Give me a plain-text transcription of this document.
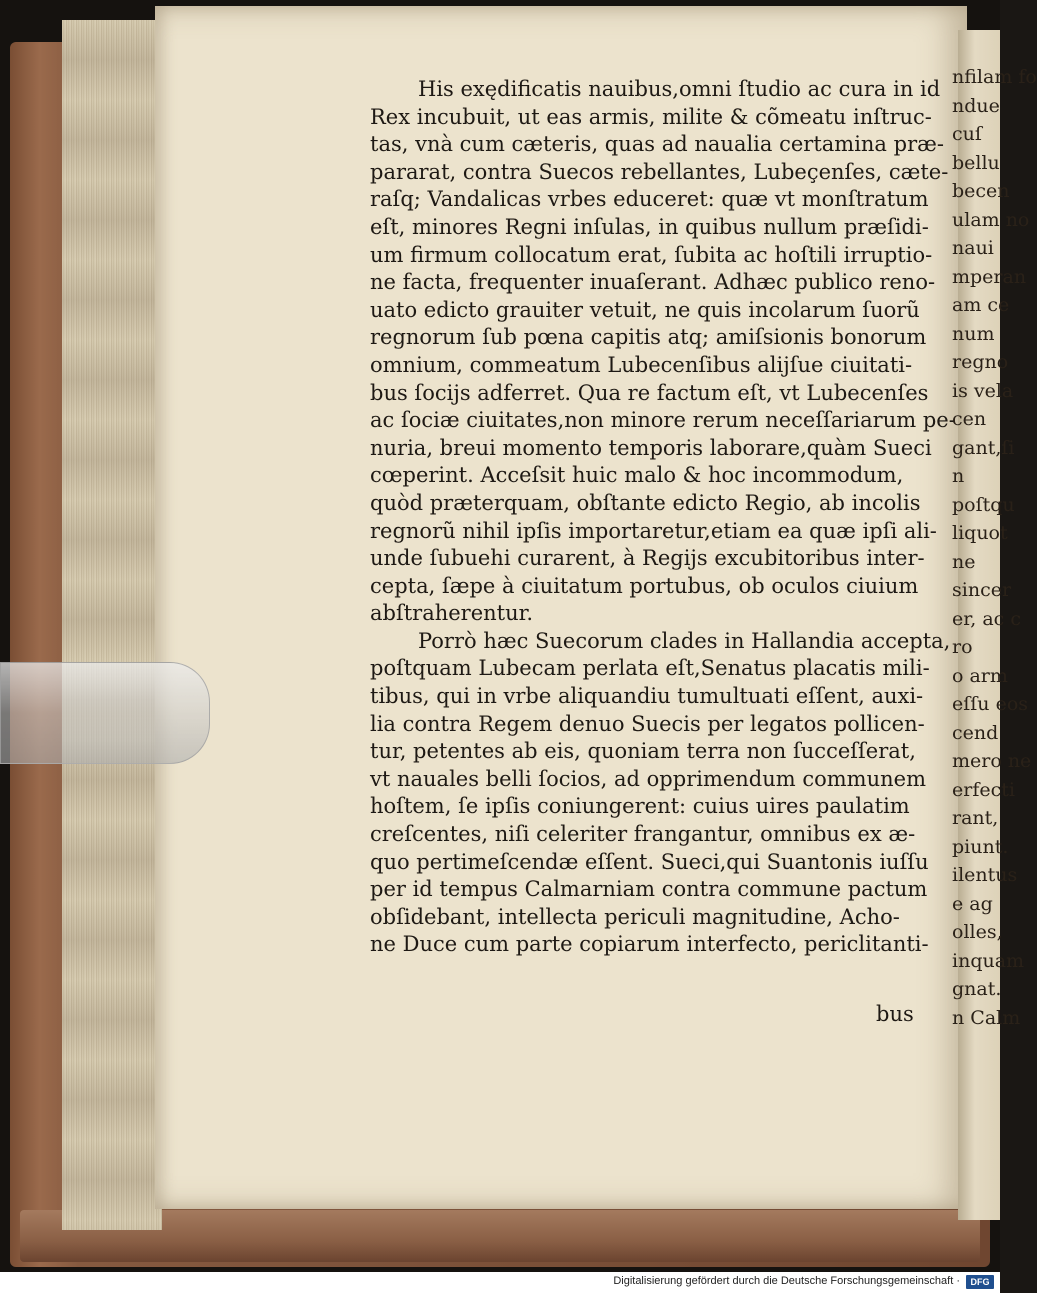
His exędificatis nauibus,omni ſtudio ac cura in id
Rex incubuit, ut eas armis, milite & cõmeatu inſtruc-
tas, vnà cum cæteris, quas ad naualia certamina præ-
pararat, contra Suecos rebellantes, Lubeçenſes, cæte-
raſq; Vandalicas vrbes educeret: quæ vt monſtratum
eſt, minores Regni inſulas, in quibus nullum præſidi-
um firmum collocatum erat, ſubita ac hoſtili irruptio-
ne facta, frequenter inuaſerant. Adhæc publico reno-
uato edicto grauiter vetuit, ne quis incolarum ſuorũ
regnorum ſub pœna capitis atq; amiſsionis bonorum
omnium, commeatum Lubecenſibus alijſue ciuitati-
bus ſocijs adferret. Qua re factum eſt, vt Lubecenſes
ac ſociæ ciuitates,non minore rerum neceſſariarum pe-
nuria, breui momento temporis laborare,quàm Sueci
cœperint. Acceſsit huic malo & hoc incommodum,
quòd præterquam, obſtante edicto Regio, ab incolis
regnorũ nihil ipſis importaretur,etiam ea quæ ipſi ali-
unde ſubuehi curarent, à Regijs excubitoribus inter-
cepta, ſæpe à ciuitatum portubus, ob oculos ciuium
abſtraherentur.
Porrò hæc Suecorum clades in Hallandia accepta,
poſtquam Lubecam perlata eſt,Senatus placatis mili-
tibus, qui in vrbe aliquandiu tumultuati eſſent, auxi-
lia contra Regem denuo Suecis per legatos pollicen-
tur, petentes ab eis, quoniam terra non ſucceſſerat,
vt nauales belli ſocios, ad opprimendum communem
hoſtem, ſe ipſis coniungerent: cuius uires paulatim
creſcentes, niſi celeriter frangantur, omnibus ex æ-
quo pertimeſcendæ eſſent. Sueci,qui Suantonis iuſſu
per id tempus Calmarniam contra commune pactum
obſidebant, intellecta periculi magnitudine, Acho-
ne Duce cum parte copiarum interfecto, periclitanti-
bus
nfilam fo
ndue
cuſ
bellu
becen
ulam no
naui
mperan
am ce
num
regno
is vela
cen
gant,ſi
n
poſtqu
liquot
ne
sincer
er, ac c
ro
o arm
eſſu eos
cend
mero ne
erfecti
rant,
piunt.
ilentus
e ag
olles,
inquam
gnat.
n Calm
Digitalisierung gefördert durch die Deutsche Forschungsgemeinschaft ·	DFG
